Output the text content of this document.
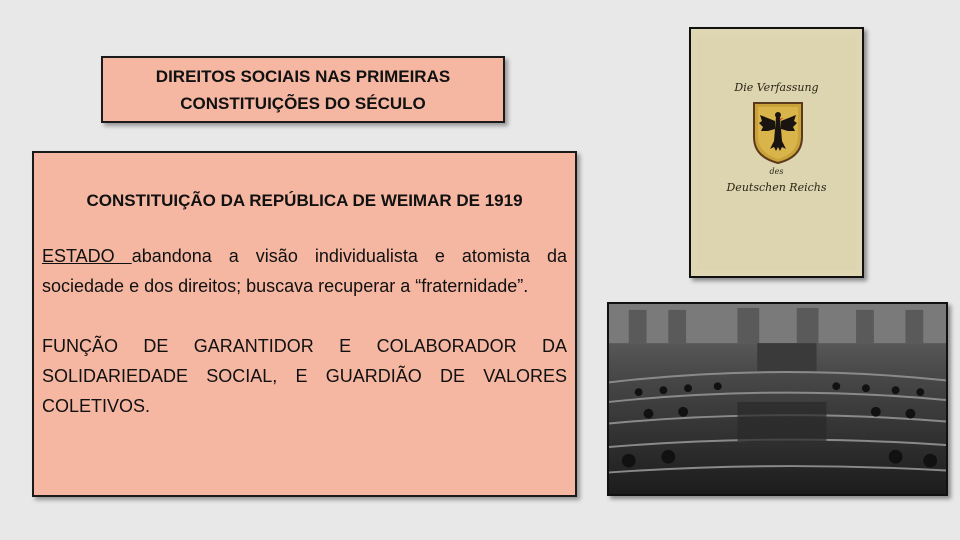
DIREITOS SOCIAIS NAS PRIMEIRAS
CONSTITUIÇÕES DO SÉCULO
CONSTITUIÇÃO DA REPÚBLICA DE WEIMAR DE 1919

ESTADO abandona a visão individualista e atomista da sociedade e dos direitos; buscava recuperar a “fraternidade”.

FUNÇÃO DE GARANTIDOR E COLABORADOR DA SOLIDARIEDADE SOCIAL, E GUARDIÃO DE VALORES COLETIVOS.

Die Verfassung
des
Deutschen Reichs
